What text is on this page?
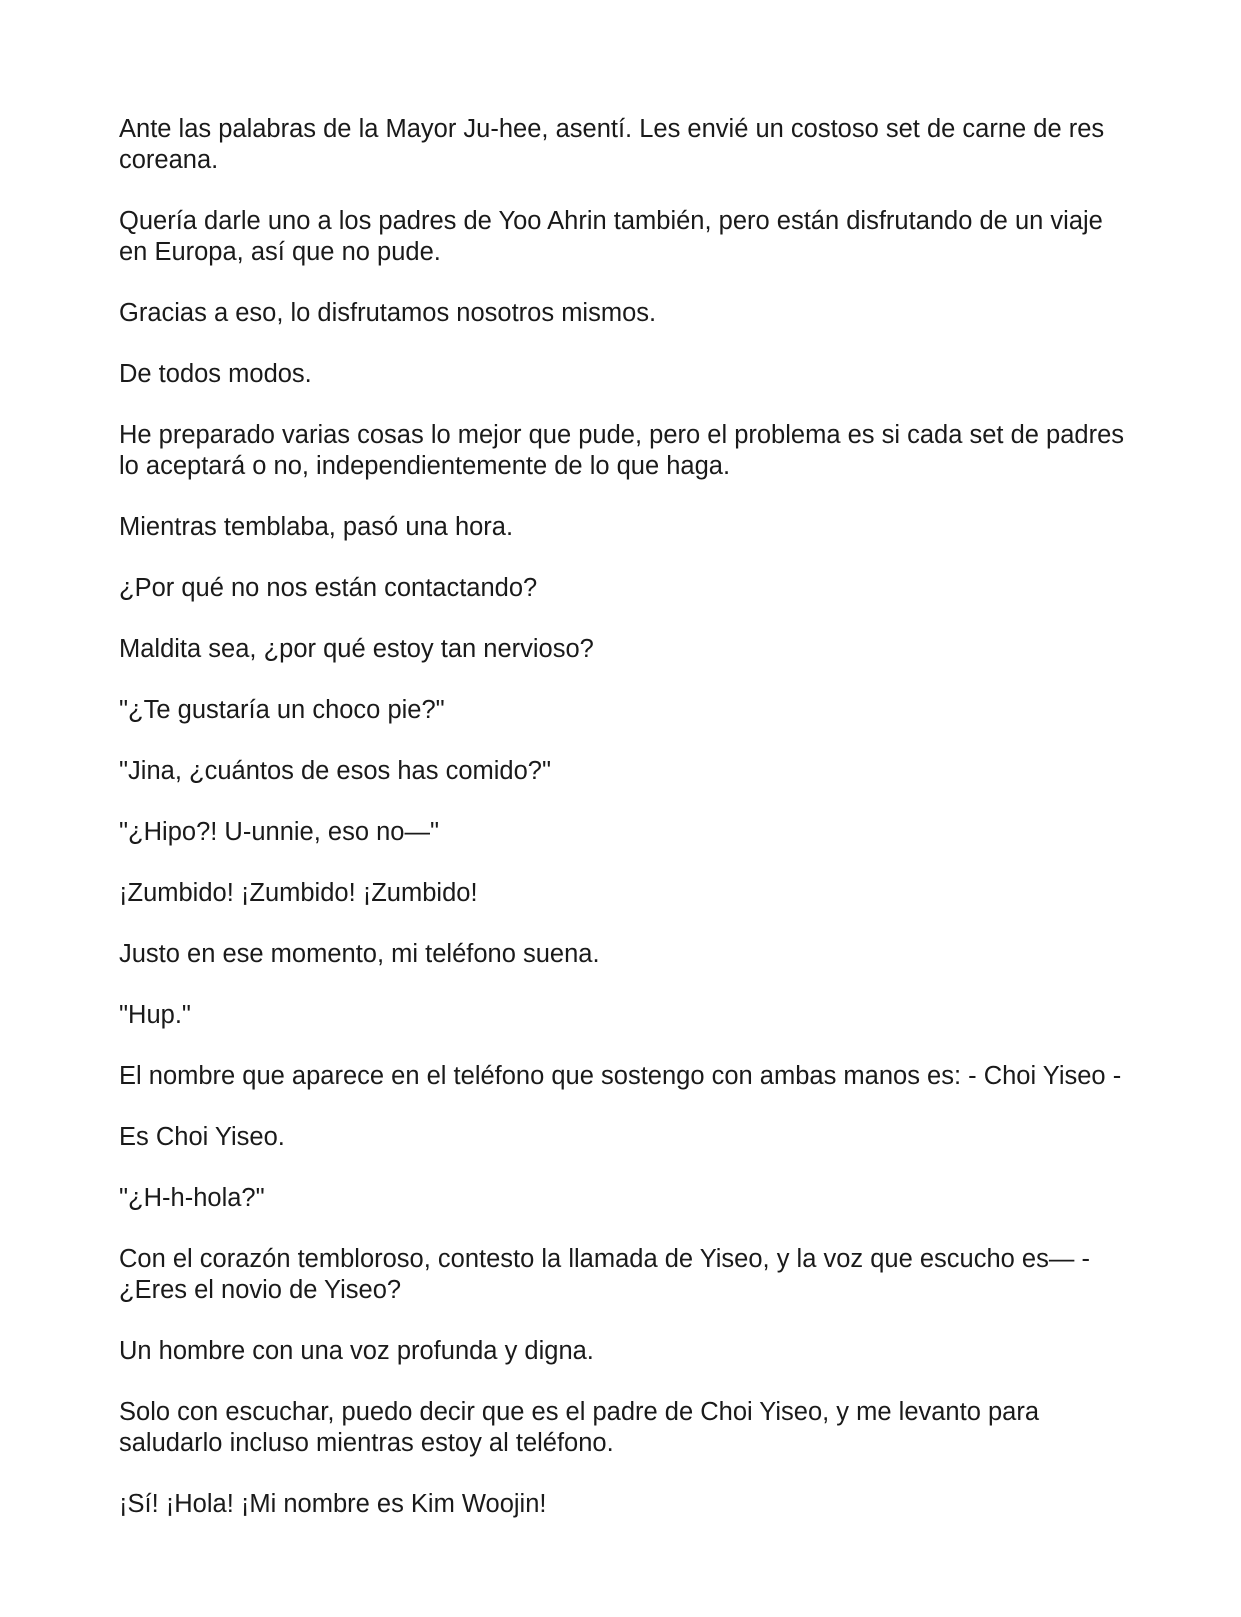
Ante las palabras de la Mayor Ju-hee, asentí. Les envié un costoso set de carne de res coreana.

Quería darle uno a los padres de Yoo Ahrin también, pero están disfrutando de un viaje en Europa, así que no pude.

Gracias a eso, lo disfrutamos nosotros mismos.

De todos modos.

He preparado varias cosas lo mejor que pude, pero el problema es si cada set de padres lo aceptará o no, independientemente de lo que haga.

Mientras temblaba, pasó una hora.

¿Por qué no nos están contactando?

Maldita sea, ¿por qué estoy tan nervioso?

"¿Te gustaría un choco pie?"

"Jina, ¿cuántos de esos has comido?"

"¿Hipo?! U-unnie, eso no—"

¡Zumbido! ¡Zumbido! ¡Zumbido!

Justo en ese momento, mi teléfono suena.

"Hup."

El nombre que aparece en el teléfono que sostengo con ambas manos es: - Choi Yiseo -

Es Choi Yiseo.

"¿H-h-hola?"

Con el corazón tembloroso, contesto la llamada de Yiseo, y la voz que escucho es— - ¿Eres el novio de Yiseo?

Un hombre con una voz profunda y digna.

Solo con escuchar, puedo decir que es el padre de Choi Yiseo, y me levanto para saludarlo incluso mientras estoy al teléfono.

¡Sí! ¡Hola! ¡Mi nombre es Kim Woojin!
